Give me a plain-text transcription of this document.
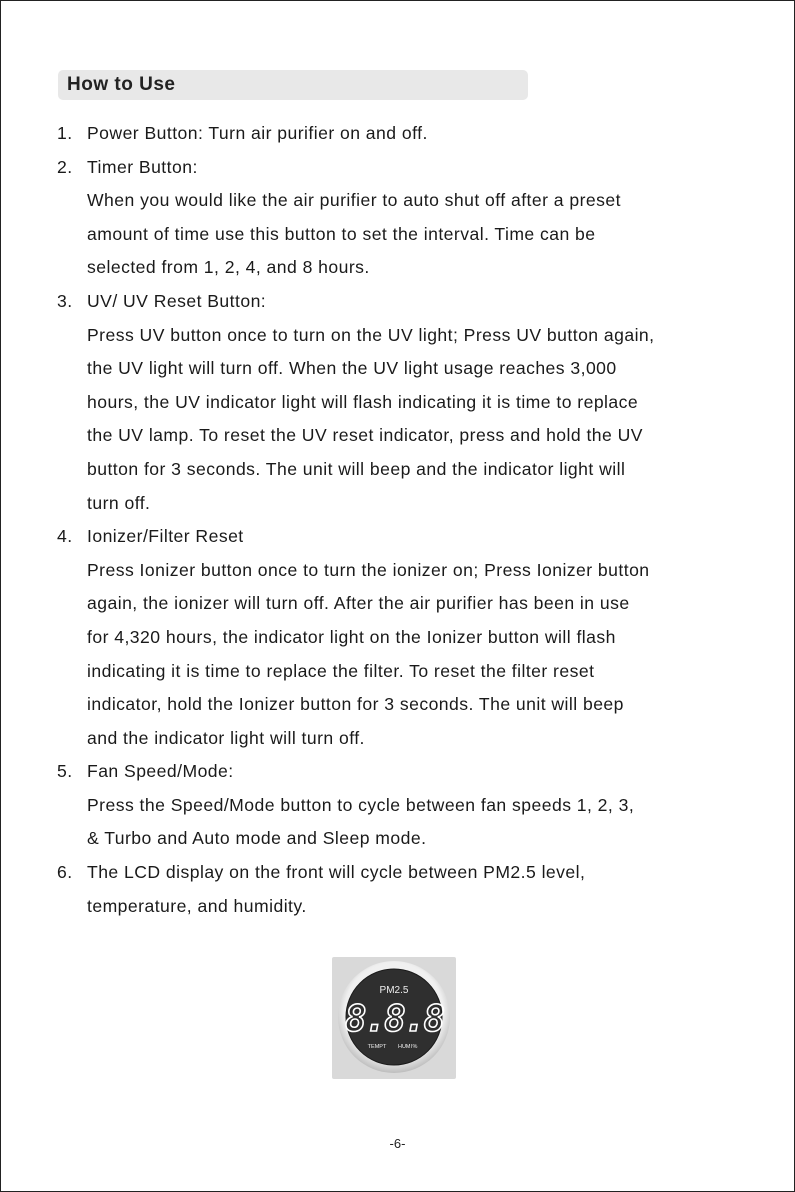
How to Use
1. Power Button: Turn air purifier on and off.
2. Timer Button:
When you would like the air purifier to auto shut off after a preset
amount of time use this button to set the interval. Time can be
selected from 1, 2, 4, and 8 hours.
3. UV/ UV Reset Button:
Press UV button once to turn on the UV light; Press UV button again,
the UV light will turn off. When the UV light usage reaches 3,000
hours, the UV indicator light will flash indicating it is time to replace
the UV lamp. To reset the UV reset indicator, press and hold the UV
button for 3 seconds. The unit will beep and the indicator light will
turn off.
4. Ionizer/Filter Reset
Press Ionizer button once to turn the ionizer on; Press Ionizer button
again, the ionizer will turn off. After the air purifier has been in use
for 4,320 hours, the indicator light on the Ionizer button will flash
indicating it is time to replace the filter. To reset the filter reset
indicator, hold the Ionizer button for 3 seconds. The unit will beep
and the indicator light will turn off.
5. Fan Speed/Mode:
Press the Speed/Mode button to cycle between fan speeds 1, 2, 3,
& Turbo and Auto mode and Sleep mode.
6. The LCD display on the front will cycle between PM2.5 level,
temperature, and humidity.
PM2.5
8.8.8
TEMPT HUMI %
-6-
